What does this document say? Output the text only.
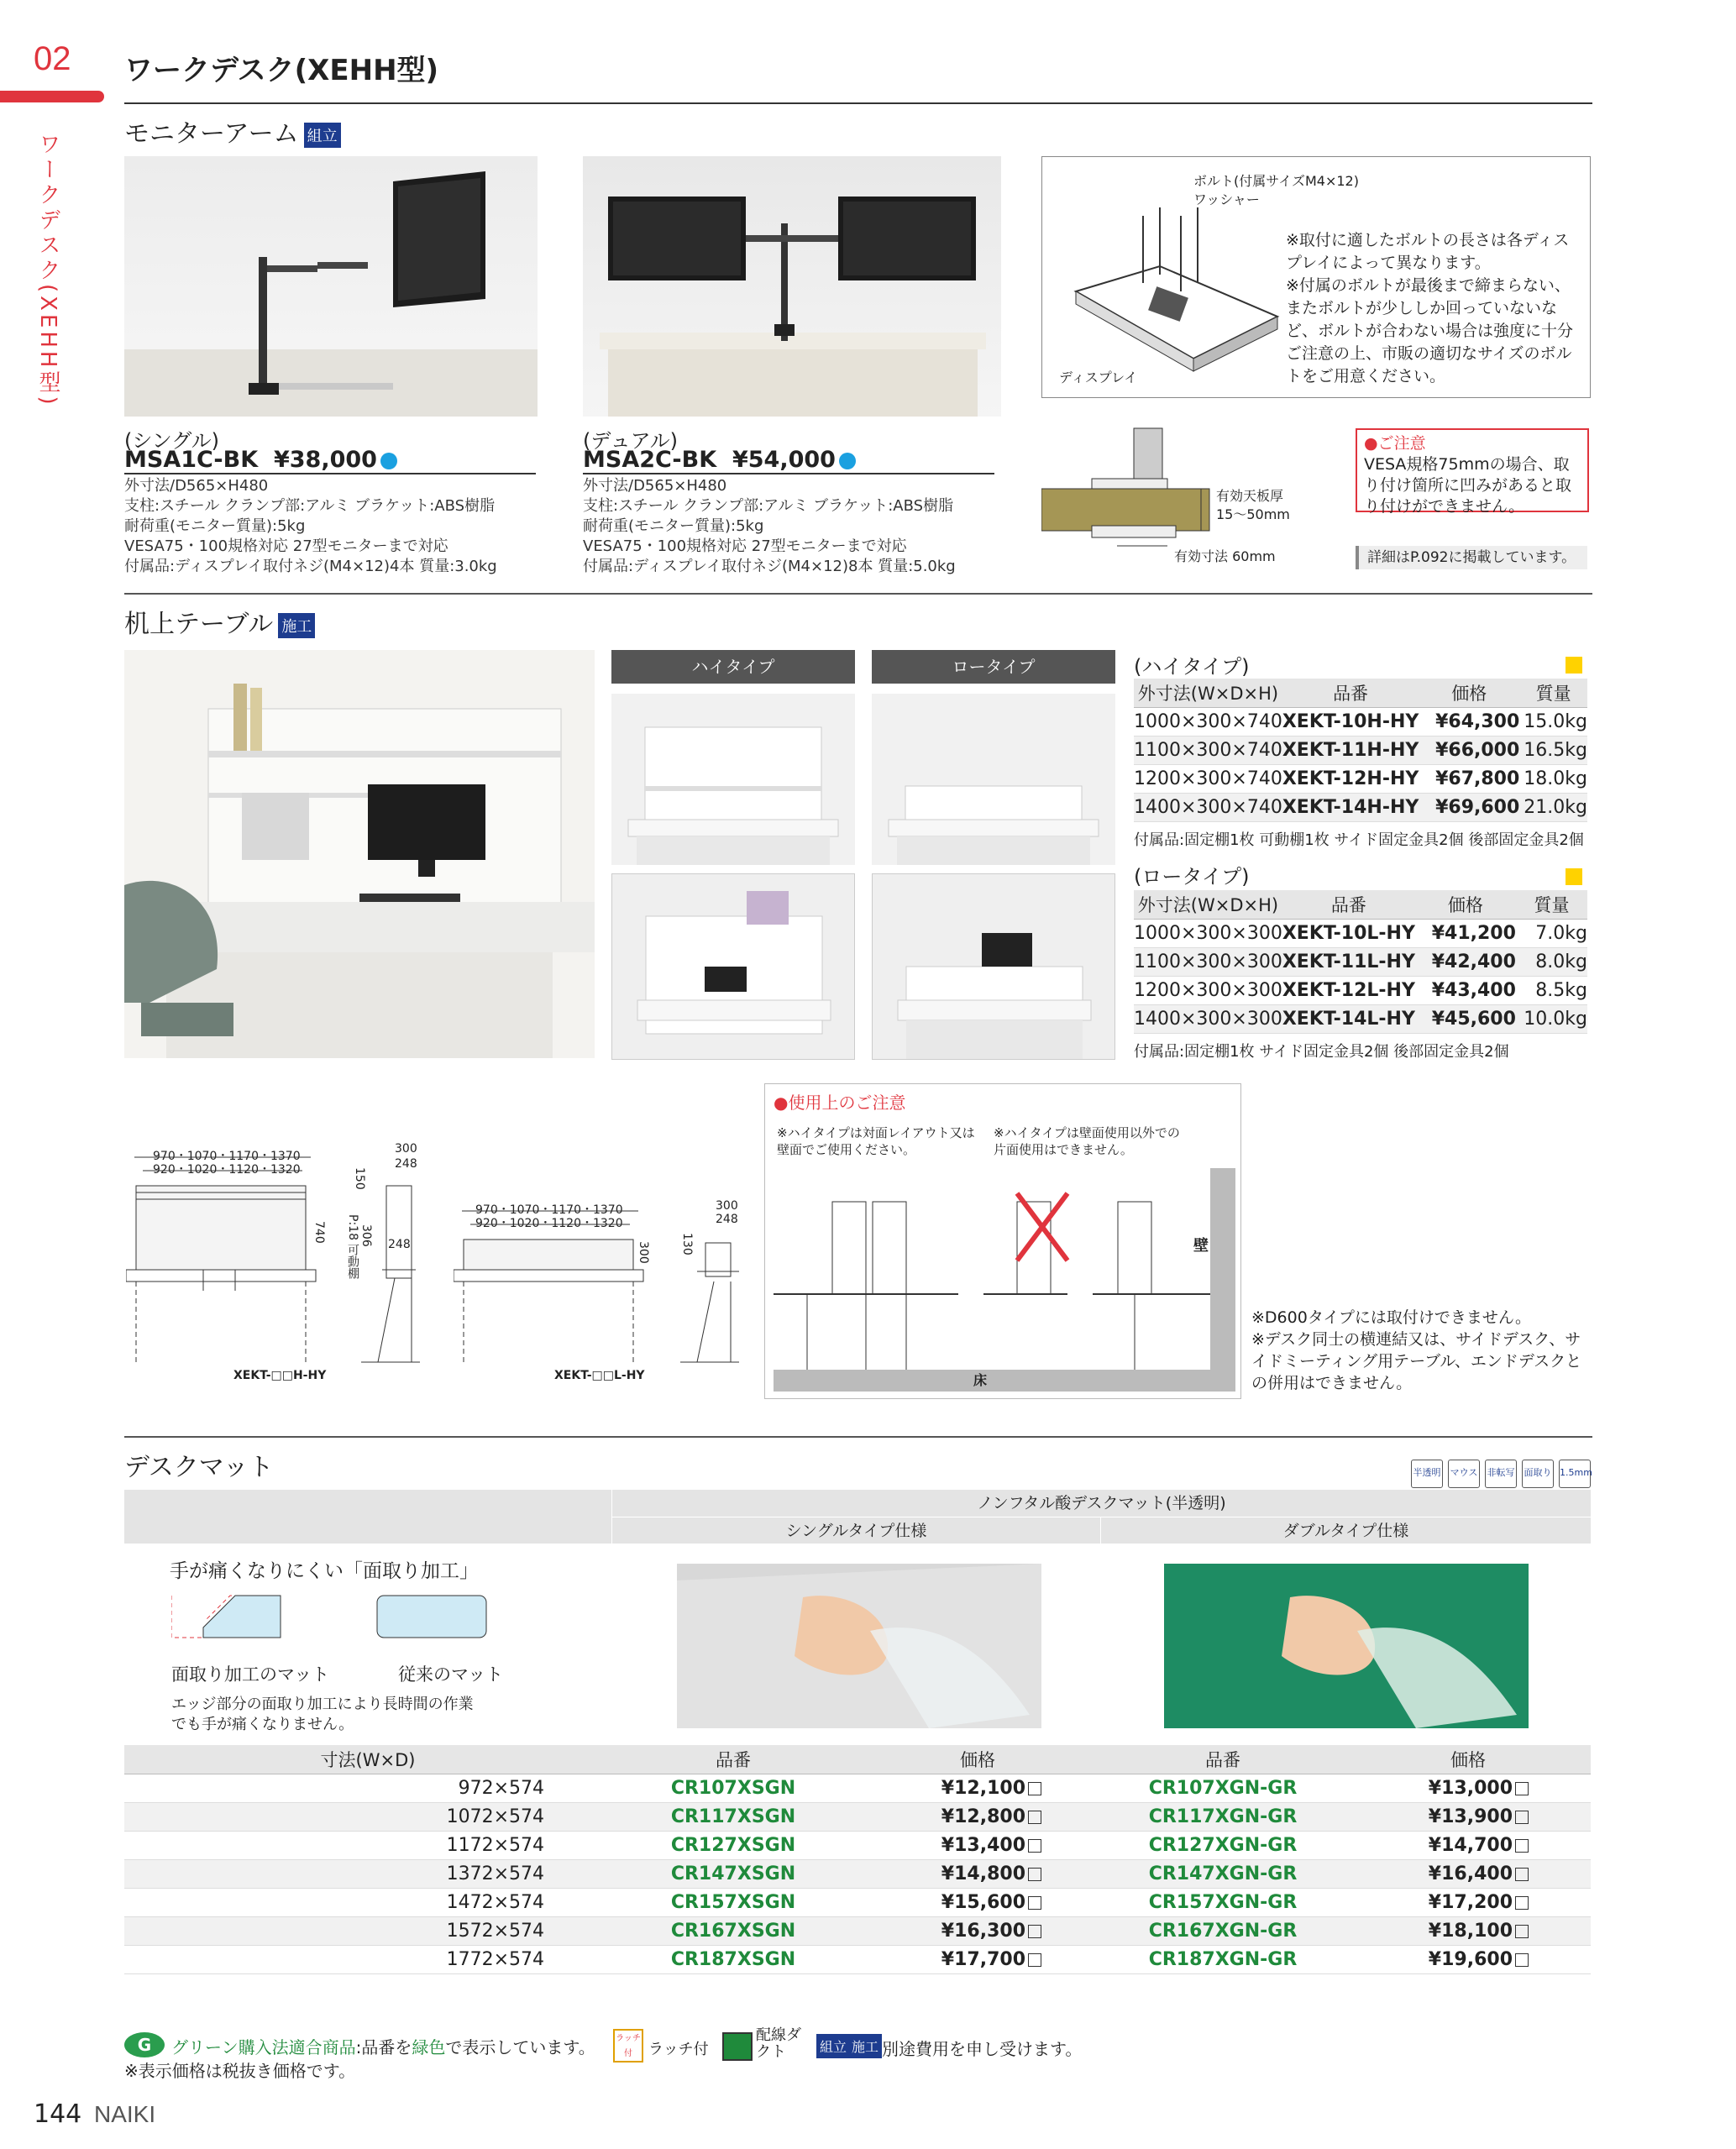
02 ワークデスク(XEHH型)
ワークデスク(XEHH型)	モニターアーム 組立
(シングル)
MSA1C-BK ¥38,000
外寸法/D565×H480
支柱:スチール クランプ部:アルミ ブラケット:ABS樹脂
耐荷重(モニター質量):5kg
VESA75・100規格対応 27型モニターまで対応
付属品:ディスプレイ取付ネジ(M4×12)4本 質量:3.0kg
(デュアル)
MSA2C-BK ¥54,000
外寸法/D565×H480
支柱:スチール クランプ部:アルミ ブラケット:ABS樹脂
耐荷重(モニター質量):5kg
VESA75・100規格対応 27型モニターまで対応
付属品:ディスプレイ取付ネジ(M4×12)8本 質量:5.0kg
ボルト(付属サイズM4×12)
ワッシャー
ディスプレイ
※取付に適したボルトの長さは各ディスプレイによって異なります。
※付属のボルトが最後まで締まらない、またボルトが少ししか回っていないなど、ボルトが合わない場合は強度に十分ご注意の上、市販の適切なサイズのボルトをご用意ください。
有効天板厚
15〜50mm
有効寸法 60mm
●ご注意
VESA規格75mmの場合、取り付け箇所に凹みがあると取り付けができません。
詳細はP.092に掲載しています。
机上テーブル 施工
ハイタイプ	ロータイプ	(ハイタイプ)
外寸法(W×D×H)	品番	価格	質量
1000×300×740	XEKT-10H-HY	¥64,300	15.0kg
1100×300×740	XEKT-11H-HY	¥66,000	16.5kg
1200×300×740	XEKT-12H-HY	¥67,800	18.0kg
1400×300×740	XEKT-14H-HY	¥69,600	21.0kg
付属品:固定棚1枚 可動棚1枚 サイド固定金具2個 後部固定金具2個
(ロータイプ)
外寸法(W×D×H)	品番	価格	質量
1000×300×300	XEKT-10L-HY	¥41,200	7.0kg
1100×300×300	XEKT-11L-HY	¥42,400	8.0kg
1200×300×300	XEKT-12L-HY	¥43,400	8.5kg
1400×300×300	XEKT-14L-HY	¥45,600	10.0kg
付属品:固定棚1枚 サイド固定金具2個 後部固定金具2個
970・1070・1170・1370
920・1020・1120・1320
300
248
150
740 P:18 可動棚 306 248
XEKT-□□H-HY
970・1070・1170・1370
920・1020・1120・1320
300
248
130
300
XEKT-□□L-HY
●使用上のご注意
※ハイタイプは対面レイアウト又は壁面でご使用ください。
※ハイタイプは壁面使用以外での片面使用はできません。
壁
床
※D600タイプには取付けできません。
※デスク同士の横連結又は、サイドデスク、サイドミーティング用テーブル、エンドデスクとの併用はできません。
デスクマット	半透明 マウス 非転写 面取り 1.5mm
ノンフタル酸デスクマット(半透明)
シングルタイプ仕様	ダブルタイプ仕様
手が痛くなりにくい「面取り加工」
面取り加工のマット	従来のマット
エッジ部分の面取り加工により長時間の作業でも手が痛くなりません。
寸法(W×D)	品番	価格	品番	価格
972×574	CR107XSGN	¥12,100	CR107XGN-GR	¥13,000
1072×574	CR117XSGN	¥12,800	CR117XGN-GR	¥13,900
1172×574	CR127XSGN	¥13,400	CR127XGN-GR	¥14,700
1372×574	CR147XSGN	¥14,800	CR147XGN-GR	¥16,400
1472×574	CR157XSGN	¥15,600	CR157XGN-GR	¥17,200
1572×574	CR167XSGN	¥16,300	CR167XGN-GR	¥18,100
1772×574	CR187XSGN	¥17,700	CR187XGN-GR	¥19,600
G	グリーン購入法適合商品:品番を緑色で表示しています。
※表示価格は税抜き価格です。
ラッチ付	ラッチ付
配線ダクト	組立 施工 別途費用を申し受けます。
144 NAIKI
